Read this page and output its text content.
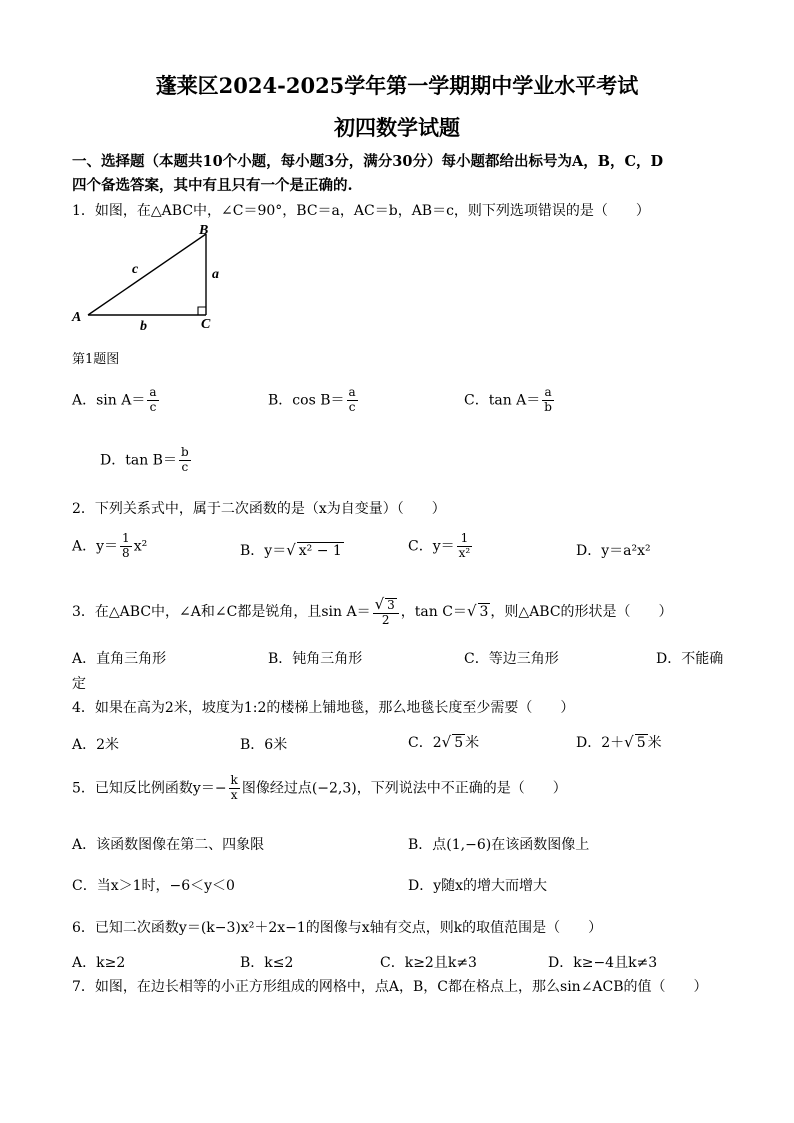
蓬莱区2024-2025学年第一学期期中学业水平考试
初四数学试题
一、选择题（本题共10个小题，每小题3分，满分30分）每小题都给出标号为A，B，C，D
四个备选答案，其中有且只有一个是正确的.
1．如图，在△ABC中，∠C＝90°，BC＝a，AC＝b，AB＝c，则下列选项错误的是（　　）
A
B
C
a
b
c
第1题图
A．$\sin A= \frac{a}{c}$	B．$\cos B= \frac{a}{c}$	C．$\tan A= \frac{a}{b}$
D．$\tan B= \frac{b}{c}$
2．下列关系式中，属于二次函数的是（x为自变量）（　　）
A．$y= \frac{1}{8} x^2$	B．y＝√ x² − 1	C．$y= \frac{1}{\text{x²}}$	D．y＝a²x²
3．在△ABC中，∠A和∠C都是锐角，且$\sin A= \frac{√ 3}{2}$ ，tan C＝√ 3 ，则△ABC的形状是（　　）
A．直角三角形	B．钝角三角形	C．等边三角形	D．不能确
定
4．如果在高为2米，坡度为1:2的楼梯上铺地毯，那么地毯长度至少需要（　　）
A．2米	B．6米	C．2√ 5 米	D．2＋√ 5 米
5．已知反比例函数$y=- \frac{k}{x}$ 图像经过点(−2,3)，下列说法中不正确的是（　　）
A．该函数图像在第二、四象限	B．点(1,−6)在该函数图像上
C．当x＞1时，−6＜y＜0	D．y随x的增大而增大
6．已知二次函数y＝(k−3)x²＋2x−1的图像与x轴有交点，则k的取值范围是（　　）
A．k≥2	B．k≤2	C．k≥2且k≠3	D．k≥−4且k≠3
7．如图，在边长相等的小正方形组成的网格中，点A，B，C都在格点上，那么sin∠ACB的值（　　）
